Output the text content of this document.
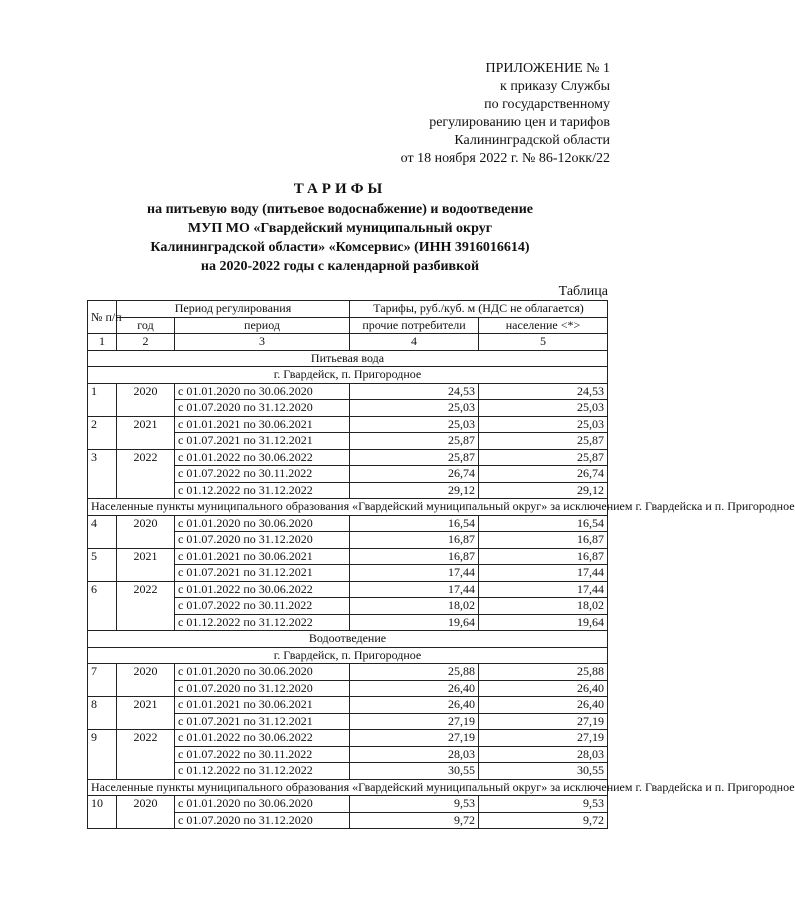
ПРИЛОЖЕНИЕ № 1
к приказу Службы
по государственному
регулированию цен и тарифов
Калининградской области
от 18 ноября 2022 г. № 86-12окк/22
ТАРИФЫ
на питьевую воду (питьевое водоснабжение) и водоотведение
МУП МО «Гвардейский муниципальный округ
Калининградской области» «Комсервис» (ИНН 3916016614)
на 2020-2022 годы с календарной разбивкой
Таблица
№ п/п	Период регулирования		Тарифы, руб./куб. м (НДС не облагается)	
	год	период	прочие потребители	население <*>
1	2	3	4	5
Питьевая вода				
г. Гвардейск, п. Пригородное				
1	2020	с 01.01.2020 по 30.06.2020	24,53	24,53
		с 01.07.2020 по 31.12.2020	25,03	25,03
2	2021	с 01.01.2021 по 30.06.2021	25,03	25,03
		с 01.07.2021 по 31.12.2021	25,87	25,87
3	2022	с 01.01.2022 по 30.06.2022	25,87	25,87
		с 01.07.2022 по 30.11.2022	26,74	26,74
		с 01.12.2022 по 31.12.2022	29,12	29,12
Населенные пункты муниципального образования «Гвардейский муниципальный округ» за исключением г. Гвардейска и п. Пригородное				
4	2020	с 01.01.2020 по 30.06.2020	16,54	16,54
		с 01.07.2020 по 31.12.2020	16,87	16,87
5	2021	с 01.01.2021 по 30.06.2021	16,87	16,87
		с 01.07.2021 по 31.12.2021	17,44	17,44
6	2022	с 01.01.2022 по 30.06.2022	17,44	17,44
		с 01.07.2022 по 30.11.2022	18,02	18,02
		с 01.12.2022 по 31.12.2022	19,64	19,64
Водоотведение				
г. Гвардейск, п. Пригородное				
7	2020	с 01.01.2020 по 30.06.2020	25,88	25,88
		с 01.07.2020 по 31.12.2020	26,40	26,40
8	2021	с 01.01.2021 по 30.06.2021	26,40	26,40
		с 01.07.2021 по 31.12.2021	27,19	27,19
9	2022	с 01.01.2022 по 30.06.2022	27,19	27,19
		с 01.07.2022 по 30.11.2022	28,03	28,03
		с 01.12.2022 по 31.12.2022	30,55	30,55
Населенные пункты муниципального образования «Гвардейский муниципальный округ» за исключением г. Гвардейска и п. Пригородное				
10	2020	с 01.01.2020 по 30.06.2020	9,53	9,53
		с 01.07.2020 по 31.12.2020	9,72	9,72
